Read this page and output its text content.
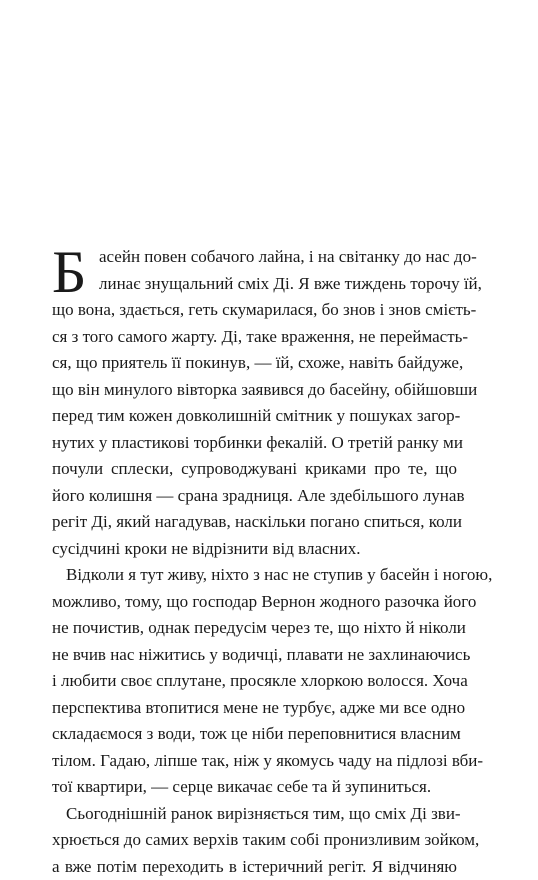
Б асейн повен собачого лайна, і на світанку до нас до-
линає знущальний сміх Ді. Я вже тиждень торочу їй,
що вона, здається, геть скумарилася, бо знов і знов смієть-
ся з того самого жарту. Ді, таке враження, не переймасть-
ся, що приятель її покинув, — їй, схоже, навіть байдуже,
що він минулого вівторка заявився до басейну, обійшовши
перед тим кожен довколишній смітник у пошуках загор-
нутих у пластикові торбинки фекалій. О третій ранку ми
почули сплески, супроводжувані криками про те, що
його колишня — срана зрадниця. Але здебільшого лунав
регіт Ді, який нагадував, наскільки погано спиться, коли
сусідчині кроки не відрізнити від власних.
Відколи я тут живу, ніхто з нас не ступив у басейн і ногою,
можливо, тому, що господар Вернон жодного разочка його
не почистив, однак передусім через те, що ніхто й ніколи
не вчив нас ніжитись у водичці, плавати не захлинаючись
і любити своє сплутане, просякле хлоркою волосся. Хоча
перспектива втопитися мене не турбує, адже ми все одно
складаємося з води, тож це ніби переповнитися власним
тілом. Гадаю, ліпше так, ніж у якомусь чаду на підлозі вби-
тої квартири, — серце викачає себе та й зупиниться.
Сьогоднішній ранок вирізняється тим, що сміх Ді зви-
хрюється до самих верхів таким собі пронизливим зойком,
а вже потім переходить в істеричний регіт. Я відчиняю
